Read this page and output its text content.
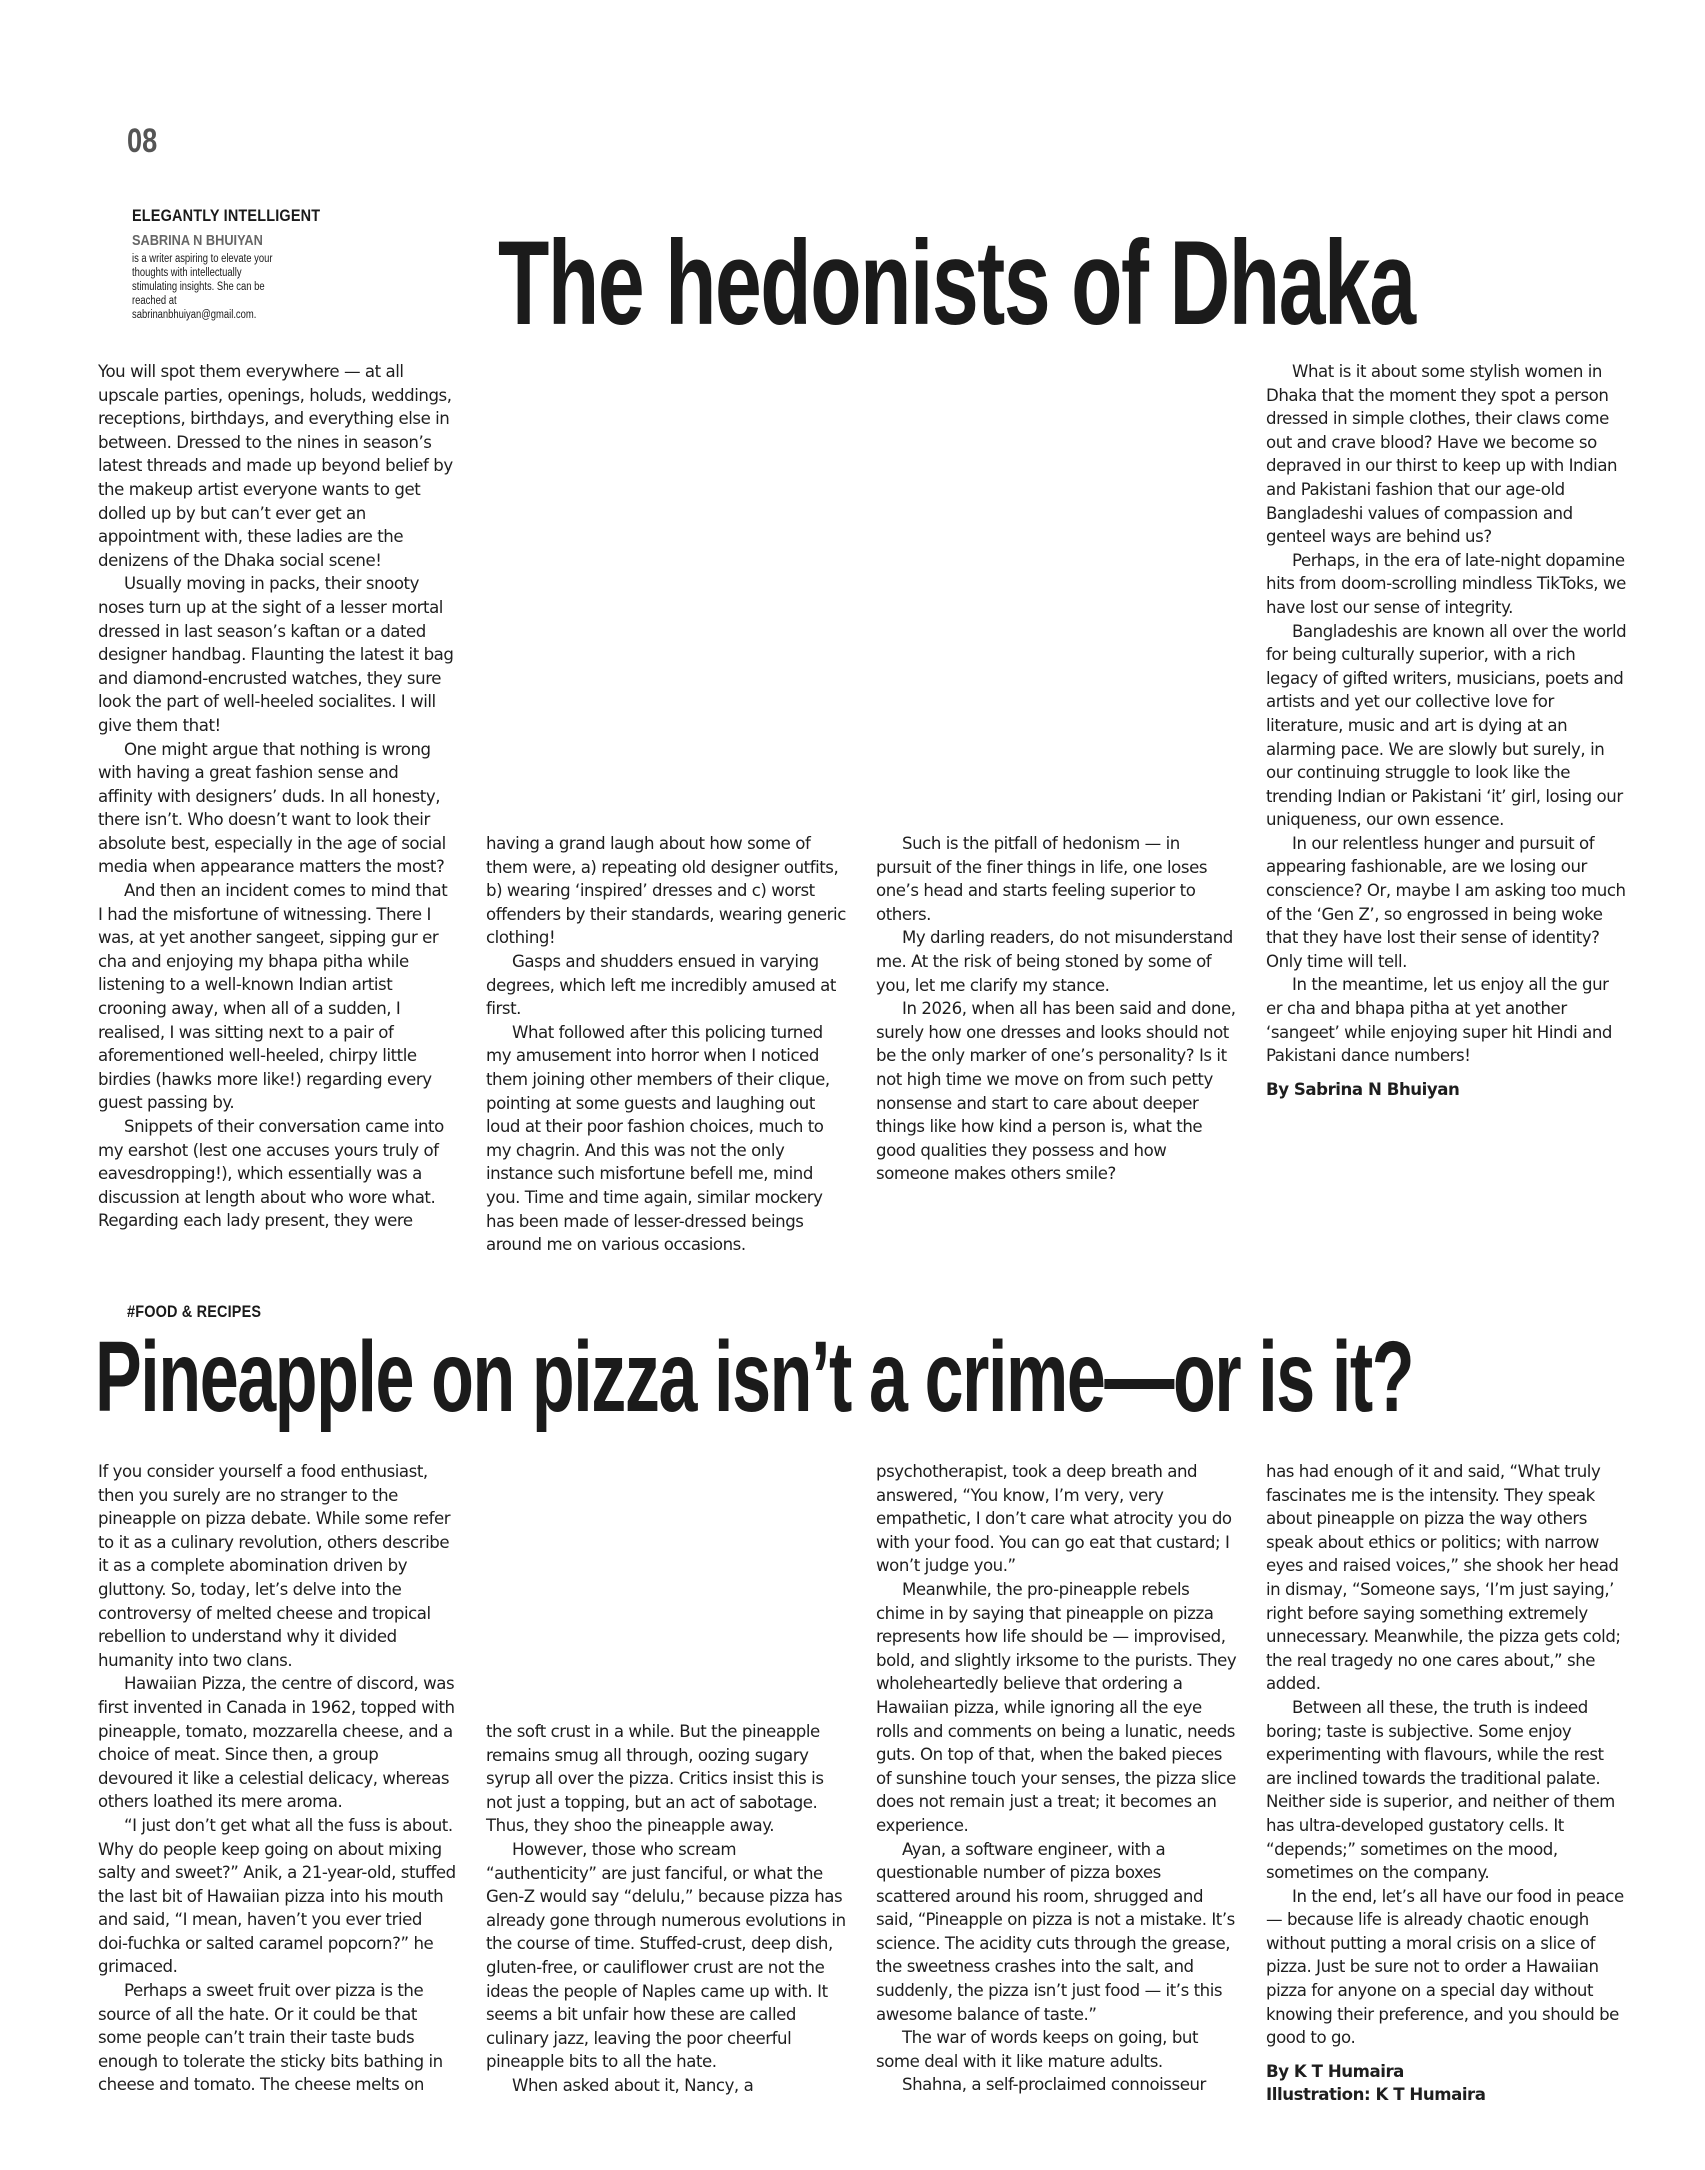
08
ELEGANTLY INTELLIGENT
SABRINA N BHUIYAN
is a writer aspiring to elevate your thoughts with intellectually stimulating insights. She can be reached at sabrinanbhuiyan@gmail.com. The hedonists of Dhaka

You will spot them everywhere — at all upscale parties, openings, holuds, weddings, receptions, birthdays, and everything else in between. Dressed to the nines in season’s latest threads and made up beyond belief by the makeup artist everyone wants to get dolled up by but can’t ever get an appointment with, these ladies are the denizens of the Dhaka social scene!

Usually moving in packs, their snooty noses turn up at the sight of a lesser mortal dressed in last season’s kaftan or a dated designer handbag. Flaunting the latest it bag and diamond-encrusted watches, they sure look the part of well-heeled socialites. I will give them that!

One might argue that nothing is wrong with having a great fashion sense and affinity with designers’ duds. In all honesty, there isn’t. Who doesn’t want to look their absolute best, especially in the age of social media when appearance matters the most?

And then an incident comes to mind that I had the misfortune of witnessing. There I was, at yet another sangeet, sipping gur er cha and enjoying my bhapa pitha while listening to a well-known Indian artist crooning away, when all of a sudden, I realised, I was sitting next to a pair of aforementioned well-heeled, chirpy little birdies (hawks more like!) regarding every guest passing by.

Snippets of their conversation came into my earshot (lest one accuses yours truly of eavesdropping!), which essentially was a discussion at length about who wore what. Regarding each lady present, they were

having a grand laugh about how some of them were, a) repeating old designer outfits, b) wearing ‘inspired’ dresses and c) worst offenders by their standards, wearing generic clothing!

Gasps and shudders ensued in varying degrees, which left me incredibly amused at first.

What followed after this policing turned my amusement into horror when I noticed them joining other members of their clique, pointing at some guests and laughing out loud at their poor fashion choices, much to my chagrin. And this was not the only instance such misfortune befell me, mind you. Time and time again, similar mockery has been made of lesser-dressed beings around me on various occasions.

Such is the pitfall of hedonism — in pursuit of the finer things in life, one loses one’s head and starts feeling superior to others.

My darling readers, do not misunderstand me. At the risk of being stoned by some of you, let me clarify my stance.

In 2026, when all has been said and done, surely how one dresses and looks should not be the only marker of one’s personality? Is it not high time we move on from such petty nonsense and start to care about deeper things like how kind a person is, what the good qualities they possess and how someone makes others smile?

What is it about some stylish women in Dhaka that the moment they spot a person dressed in simple clothes, their claws come out and crave blood? Have we become so depraved in our thirst to keep up with Indian and Pakistani fashion that our age-old Bangladeshi values of compassion and genteel ways are behind us?

Perhaps, in the era of late-night dopamine hits from doom-scrolling mindless TikToks, we have lost our sense of integrity.

Bangladeshis are known all over the world for being culturally superior, with a rich legacy of gifted writers, musicians, poets and artists and yet our collective love for literature, music and art is dying at an alarming pace. We are slowly but surely, in our continuing struggle to look like the trending Indian or Pakistani ‘it’ girl, losing our uniqueness, our own essence.

In our relentless hunger and pursuit of appearing fashionable, are we losing our conscience? Or, maybe I am asking too much of the ‘Gen Z’, so engrossed in being woke that they have lost their sense of identity? Only time will tell.

In the meantime, let us enjoy all the gur er cha and bhapa pitha at yet another ‘sangeet’ while enjoying super hit Hindi and Pakistani dance numbers!

By Sabrina N Bhuiyan

#FOOD & RECIPES
Pineapple on pizza isn’t a crime—or is it?

If you consider yourself a food enthusiast, then you surely are no stranger to the pineapple on pizza debate. While some refer to it as a culinary revolution, others describe it as a complete abomination driven by gluttony. So, today, let’s delve into the controversy of melted cheese and tropical rebellion to understand why it divided humanity into two clans.

Hawaiian Pizza, the centre of discord, was first invented in Canada in 1962, topped with pineapple, tomato, mozzarella cheese, and a choice of meat. Since then, a group devoured it like a celestial delicacy, whereas others loathed its mere aroma.

“I just don’t get what all the fuss is about. Why do people keep going on about mixing salty and sweet?” Anik, a 21-year-old, stuffed the last bit of Hawaiian pizza into his mouth and said, “I mean, haven’t you ever tried doi-fuchka or salted caramel popcorn?” he grimaced.

Perhaps a sweet fruit over pizza is the source of all the hate. Or it could be that some people can’t train their taste buds enough to tolerate the sticky bits bathing in cheese and tomato. The cheese melts on

the soft crust in a while. But the pineapple remains smug all through, oozing sugary syrup all over the pizza. Critics insist this is not just a topping, but an act of sabotage. Thus, they shoo the pineapple away.

However, those who scream “authenticity” are just fanciful, or what the Gen-Z would say “delulu,” because pizza has already gone through numerous evolutions in the course of time. Stuffed-crust, deep dish, gluten-free, or cauliflower crust are not the ideas the people of Naples came up with. It seems a bit unfair how these are called culinary jazz, leaving the poor cheerful pineapple bits to all the hate.

When asked about it, Nancy, a

psychotherapist, took a deep breath and answered, “You know, I’m very, very empathetic, I don’t care what atrocity you do with your food. You can go eat that custard; I won’t judge you.”

Meanwhile, the pro-pineapple rebels chime in by saying that pineapple on pizza represents how life should be — improvised, bold, and slightly irksome to the purists. They wholeheartedly believe that ordering a Hawaiian pizza, while ignoring all the eye rolls and comments on being a lunatic, needs guts. On top of that, when the baked pieces of sunshine touch your senses, the pizza slice does not remain just a treat; it becomes an experience.

Ayan, a software engineer, with a questionable number of pizza boxes scattered around his room, shrugged and said, “Pineapple on pizza is not a mistake. It’s science. The acidity cuts through the grease, the sweetness crashes into the salt, and suddenly, the pizza isn’t just food — it’s this awesome balance of taste.”

The war of words keeps on going, but some deal with it like mature adults.

Shahna, a self-proclaimed connoisseur

has had enough of it and said, “What truly fascinates me is the intensity. They speak about pineapple on pizza the way others speak about ethics or politics; with narrow eyes and raised voices,” she shook her head in dismay, “Someone says, ‘I’m just saying,’ right before saying something extremely unnecessary. Meanwhile, the pizza gets cold; the real tragedy no one cares about,” she added.

Between all these, the truth is indeed boring; taste is subjective. Some enjoy experimenting with flavours, while the rest are inclined towards the traditional palate. Neither side is superior, and neither of them has ultra-developed gustatory cells. It “depends;” sometimes on the mood, sometimes on the company.

In the end, let’s all have our food in peace — because life is already chaotic enough without putting a moral crisis on a slice of pizza. Just be sure not to order a Hawaiian pizza for anyone on a special day without knowing their preference, and you should be good to go.

By K T Humaira

Illustration: K T Humaira
